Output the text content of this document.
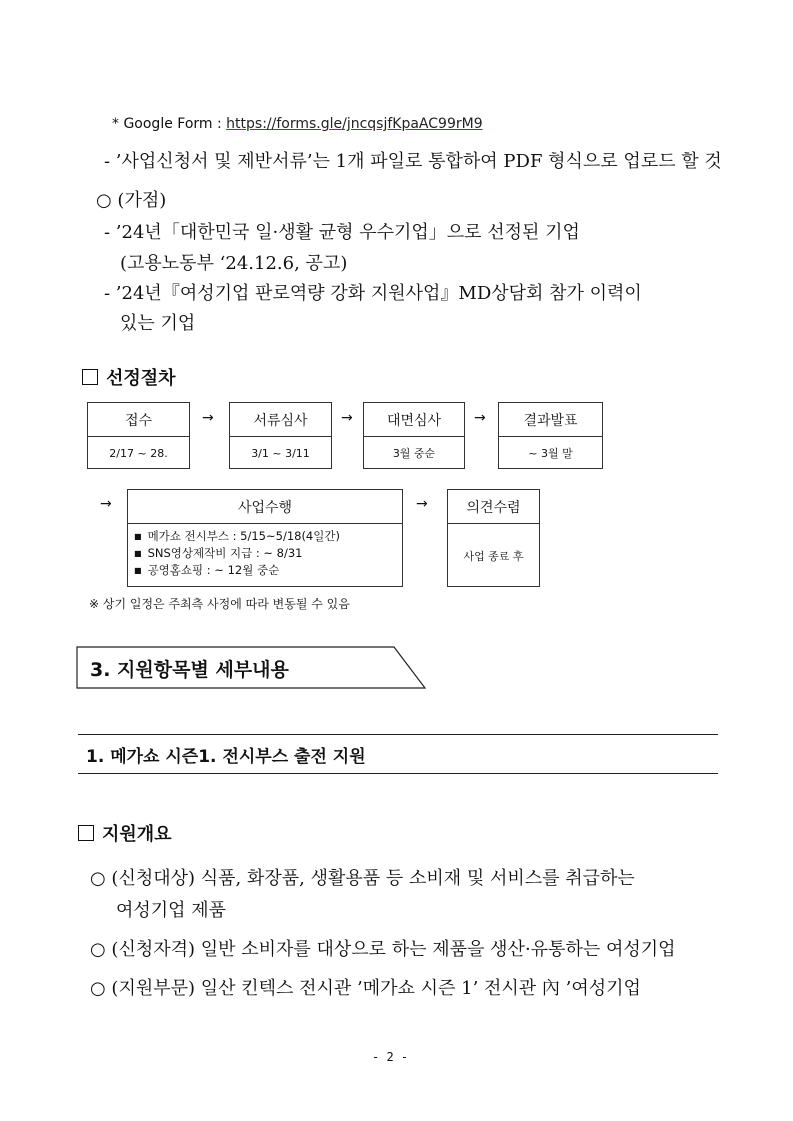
* Google Form : https://forms.gle/jncqsjfKpaAC99rM9
- ’사업신청서 및 제반서류’는 1개 파일로 통합하여 PDF 형식으로 업로드 할 것
○ (가점)
- ’24년「대한민국 일·생활 균형 우수기업」으로 선정된 기업
(고용노동부 ‘24.12.6, 공고)
- ’24년『여성기업 판로역량 강화 지원사업』MD상담회 참가 이력이
있는 기업
선정절차
접수
2/17 ~ 28.
→	서류심사
3/1 ~ 3/11
→	대면심사
3월 중순
→	결과발표
~ 3월 말
→	사업수행
■ 메가쇼 전시부스 : 5/15~5/18(4일간)
■ SNS영상제작비 지급 : ~ 8/31
■ 공영홈쇼핑 : ~ 12월 중순
→	의견수렴
사업 종료 후
※ 상기 일정은 주최측 사정에 따라 변동될 수 있음
3. 지원항목별 세부내용
1. 메가쇼 시즌1. 전시부스 출전 지원
지원개요
○ (신청대상) 식품, 화장품, 생활용품 등 소비재 및 서비스를 취급하는
여성기업 제품
○ (신청자격) 일반 소비자를 대상으로 하는 제품을 생산·유통하는 여성기업
○ (지원부문) 일산 킨텍스 전시관 ’메가쇼 시즌 1’ 전시관 內 ’여성기업
- 2 -
